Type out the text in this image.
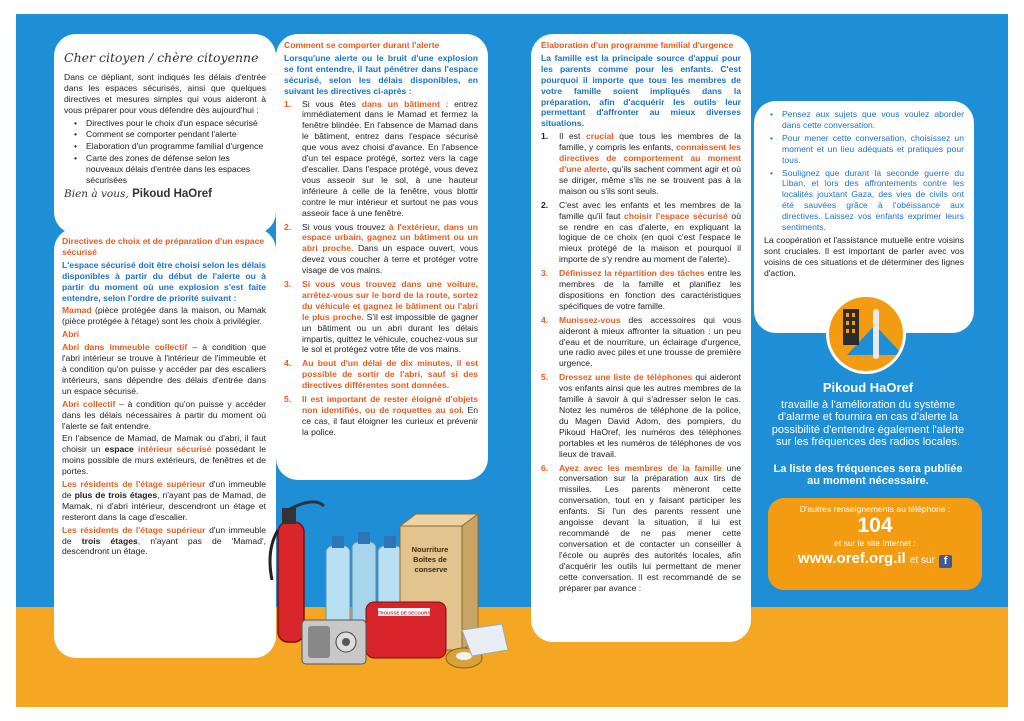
Cher citoyen / chère citoyenne

Dans ce dépliant, sont indiqués les délais d'entrée dans les espaces sécurisés, ainsi que quelques directives et mesures simples qui vous aideront à vous préparer pour vous défendre dès aujourd'hui :

• Directives pour le choix d'un espace sécurisé
• Comment se comporter pendant l'alerte
• Elaboration d'un programme familial d'urgence
• Carte des zones de défense selon les nouveaux délais d'entrée dans les espaces sécurisées
Bien à vous, Pikoud HaOref

Directives de choix et de préparation d'un espace sécurisé

L'espace sécurisé doit être choisi selon les délais disponibles à partir du début de l'alerte ou à partir du moment où une explosion s'est faite entendre, selon l'ordre de priorité suivant :

Mamad (pièce protégée dans la maison, ou Mamak (pièce protégée à l'étage) sont les choix à privilégier.

Abri

Abri dans immeuble collectif – à condition que l'abri intérieur se trouve à l'intérieur de l'immeuble et à condition qu'on puisse y accéder par des escaliers intérieurs, sans dépendre des délais d'entrée dans un espace sécurisé.

Abri collectif – à condition qu'on puisse y accéder dans les délais nécessaires à partir du moment où l'alerte se fait entendre.

En l'absence de Mamad, de Mamak ou d'abri, il faut choisir un espace intérieur sécurisé possédant le moins possible de murs extérieurs, de fenêtres et de portes.

Les résidents de l'étage supérieur d'un immeuble de plus de trois étages, n'ayant pas de Mamad, de Mamak, ni d'abri intérieur, descendront un étage et resteront dans la cage d'escalier.

Les résidents de l'étage supérieur d'un immeuble de trois étages, n'ayant pas de 'Mamad', descendront un étage.

Comment se comporter durant l'alerte

Lorsqu'une alerte ou le bruit d'une explosion se font entendre, il faut pénétrer dans l'espace sécurisé, selon les délais disponibles, en suivant les directives ci-après :

1. Si vous êtes dans un bâtiment : entrez immédiatement dans le Mamad et fermez la fenêtre blindée. En l'absence de Mamad dans le bâtiment, entrez dans l'espace sécurisé que vous avez choisi d'avance. En l'absence d'un tel espace protégé, sortez vers la cage d'escalier. Dans l'espace protégé, vous devez vous asseoir sur le sol, à une hauteur inférieure à celle de la fenêtre, vous blottir contre le mur intérieur et surtout ne pas vous asseoir face à une fenêtre.
2. Si vous vous trouvez à l'extérieur, dans un espace urbain, gagnez un bâtiment ou un abri proche. Dans un espace ouvert, vous devez vous coucher à terre et protéger votre visage de vos mains.
3. Si vous vous trouvez dans une voiture, arrêtez-vous sur le bord de la route, sortez du véhicule et gagnez le bâtiment ou l'abri le plus proche. S'il est impossible de gagner un bâtiment ou un abri durant les délais impartis, quittez le véhicule, couchez-vous sur le sol et protégez votre tête de vos mains.
4. Au bout d'un délai de dix minutes, il est possible de sortir de l'abri, sauf si des directives différentes sont données.
5. Il est important de rester éloigné d'objets non identifiés, ou de roquettes au sol. En ce cas, il faut éloigner les curieux et prévenir la police.

Elaboration d'un programme familial d'urgence

La famille est la principale source d'appui pour les parents comme pour les enfants. C'est pourquoi il importe que tous les membres de votre famille soient impliqués dans la préparation, afin d'acquérir les outils leur permettant d'affronter au mieux diverses situations.

1. Il est crucial que tous les membres de la famille, y compris les enfants, connaissent les directives de comportement au moment d'une alerte, qu'ils sachent comment agir et où se diriger, même s'ils ne se trouvent pas à la maison ou s'ils sont seuls.
2. C'est avec les enfants et les membres de la famille qu'il faut choisir l'espace sécurisé où se rendre en cas d'alerte, en expliquant la logique de ce choix (en quoi c'est l'espace le mieux protégé de la maison et pourquoi il importe de s'y rendre au moment de l'alerte).
3. Définissez la répartition des tâches entre les membres de la famille et planifiez les dispositions en fonction des caractéristiques spécifiques de votre famille.
4. Munissez-vous des accessoires qui vous aideront à mieux affronter la situation : un peu d'eau et de nourriture, un éclairage d'urgence, une radio avec piles et une trousse de première urgence.
5. Dressez une liste de téléphones qui aideront vos enfants ainsi que les autres membres de la famille à savoir à qui s'adresser selon le cas. Notez les numéros de téléphone de la police, du Magen David Adom, des pompiers, du Pikoud HaOref, les numéros des téléphones portables et les numéros de téléphones de vos lieux de travail.
6. Ayez avec les membres de la famille une conversation sur la préparation aux tirs de missiles. Les parents mèneront cette conversation, tout en y faisant participer les enfants. Si l'un des parents ressent une angoisse devant la situation, il lui est recommandé de ne pas mener cette conversation et de contacter un conseiller à l'école ou auprès des autorités locales, afin d'acquérir les outils lui permettant de mener cette conversation. Il est recommandé de se préparer par avance :
• Pensez aux sujets que vous voulez aborder dans cette conversation.
• Pour mener cette conversation, choisissez un moment et un lieu adéquats et pratiques pour tous.
• Soulignez que durant la seconde guerre du Liban, et lors des affrontements contre les localités jouxtant Gaza, des vies de civils ont été sauvées grâce à l'obéissance aux directives. Laissez vos enfants exprimer leurs sentiments.

La coopération et l'assistance mutuelle entre voisins sont cruciales. Il est important de parler avec vos voisins de ces situations et de déterminer des lignes d'action.

Pikoud HaOref
travaille à l'amélioration du système d'alarme et fournira en cas d'alerte la possibilité d'entendre également l'alerte sur les fréquences des radios locales.
La liste des fréquences sera publiée au moment nécessaire.
D'autres renseignements au téléphone :
104
et sur le site Internet :
www.oref.org.il et sur f
Nourriture Boîtes de conserve
TROUSSE DE SECOURS
